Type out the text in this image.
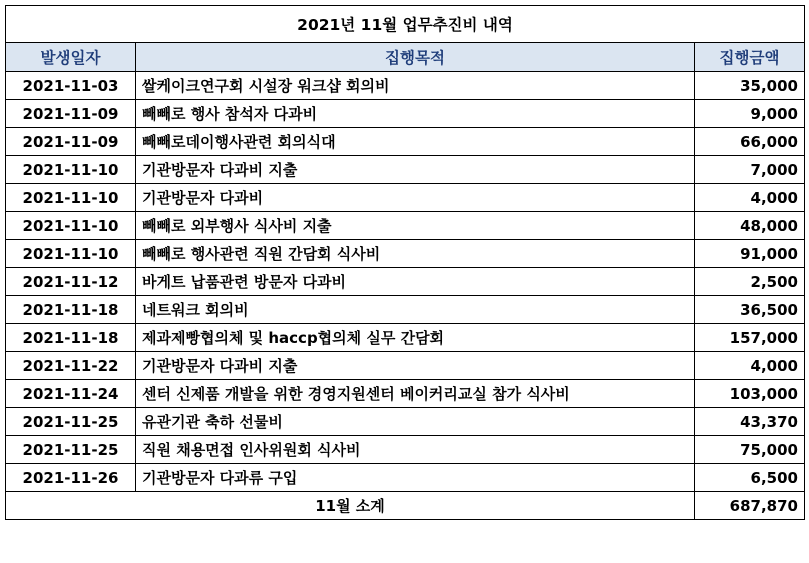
2021년 11월 업무추진비 내역		
발생일자	집행목적	집행금액
2021-11-03	쌀케이크연구회 시설장 워크샵 회의비	35,000
2021-11-09	빼빼로 행사 참석자 다과비	9,000
2021-11-09	빼빼로데이행사관련 회의식대	66,000
2021-11-10	기관방문자 다과비 지출	7,000
2021-11-10	기관방문자 다과비	4,000
2021-11-10	빼빼로 외부행사 식사비 지출	48,000
2021-11-10	빼빼로 행사관련 직원 간담회 식사비	91,000
2021-11-12	바게트 납품관련 방문자 다과비	2,500
2021-11-18	네트워크 회의비	36,500
2021-11-18	제과제빵협의체 및 haccp협의체 실무 간담회	157,000
2021-11-22	기관방문자 다과비 지출	4,000
2021-11-24	센터 신제품 개발을 위한 경영지원센터 베이커리교실 참가 식사비	103,000
2021-11-25	유관기관 축하 선물비	43,370
2021-11-25	직원 채용면접 인사위원회 식사비	75,000
2021-11-26	기관방문자 다과류 구입	6,500
11월 소계		687,870
